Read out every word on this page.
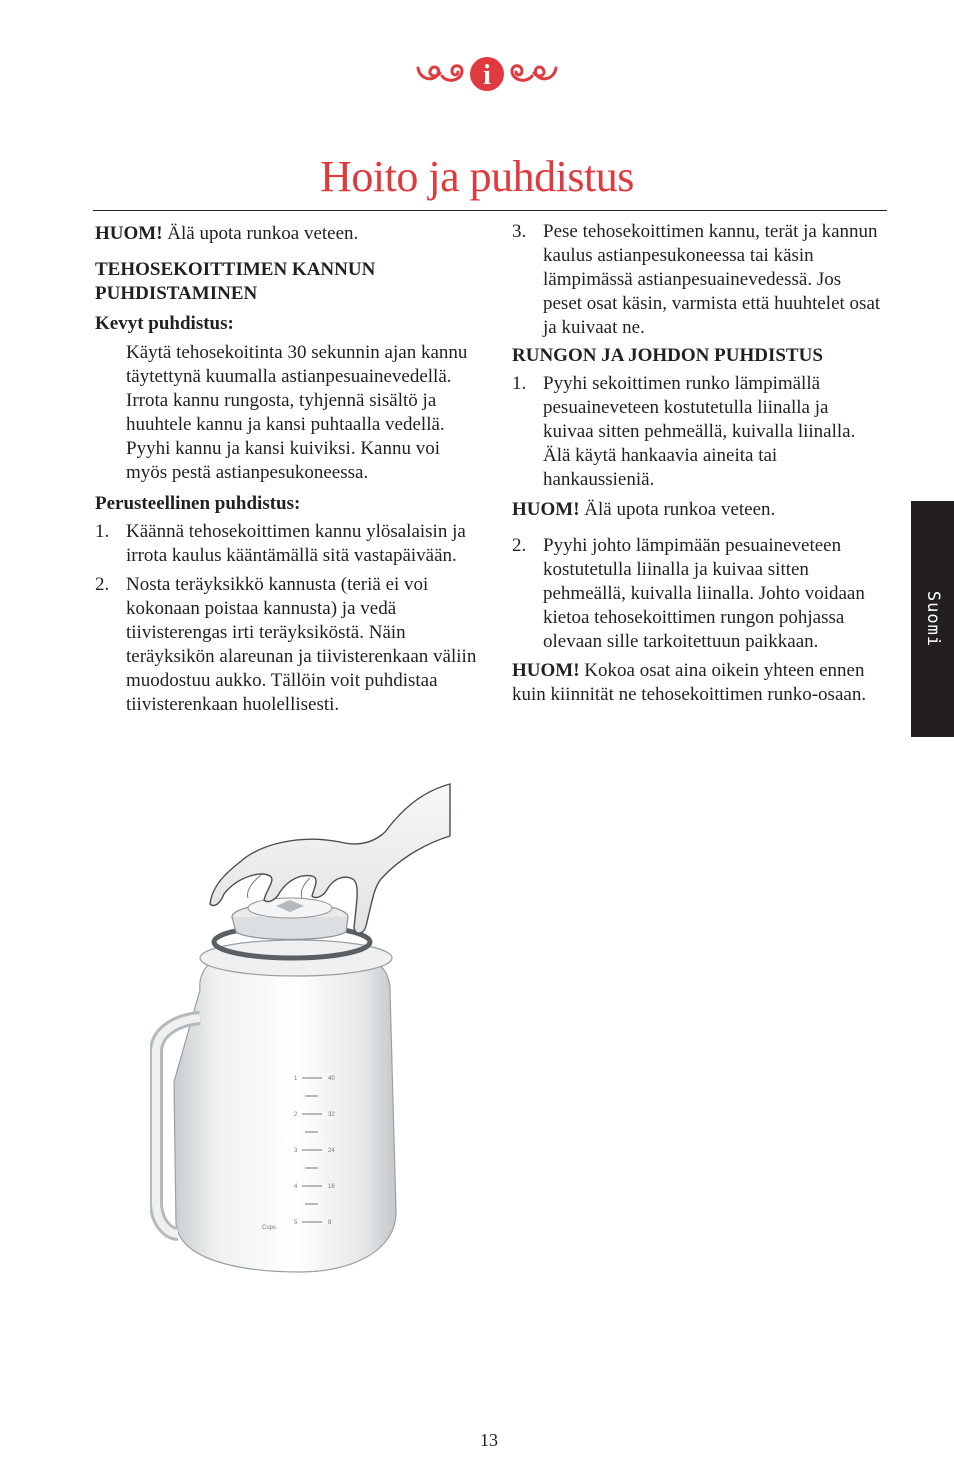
i
Hoito ja puhdistus

HUOM! Älä upota runkoa veteen.

TEHOSEKOITTIMEN KANNUN
PUHDISTAMINEN

Kevyt puhdistus:

Käytä tehosekoitinta 30 sekunnin ajan kannu täytettynä kuumalla astianpesuainevedellä. Irrota kannu rungosta, tyhjennä sisältö ja huuhtele kannu ja kansi puhtaalla vedellä. Pyyhi kannu ja kansi kuiviksi. Kannu voi myös pestä astianpesukoneessa.

Perusteellinen puhdistus:

1. Käännä tehosekoittimen kannu ylösalaisin ja irrota kaulus kääntämällä sitä vastapäivään.
2. Nosta teräyksikkö kannusta (teriä ei voi kokonaan poistaa kannusta) ja vedä tiivisterengas irti teräyksiköstä. Näin teräyksikön alareunan ja tiivisterenkaan väliin muodostuu aukko. Tällöin voit puhdistaa tiivisterenkaan huolellisesti.
3. Pese tehosekoittimen kannu, terät ja kannun kaulus astianpesukoneessa tai käsin lämpimässä astianpesuainevedessä. Jos peset osat käsin, varmista että huuhtelet osat ja kuivaat ne.

RUNGON JA JOHDON PUHDISTUS

1. Pyyhi sekoittimen runko lämpimällä pesuaineveteen kostutetulla liinalla ja kuivaa sitten pehmeällä, kuivalla liinalla. Älä käytä hankaavia aineita tai hankaussieniä.

HUOM! Älä upota runkoa veteen.

2. Pyyhi johto lämpimään pesuaineveteen kostutetulla liinalla ja kuivaa sitten pehmeällä, kuivalla liinalla. Johto voidaan kietoa tehosekoittimen rungon pohjassa olevaan sille tarkoitettuun paikkaan.

HUOM! Kokoa osat aina oikein yhteen ennen kuin kiinnität ne tehosekoittimen runko-osaan.

Suomi
1
2
3
4
5
40
32
24
16
8
Cups
13
